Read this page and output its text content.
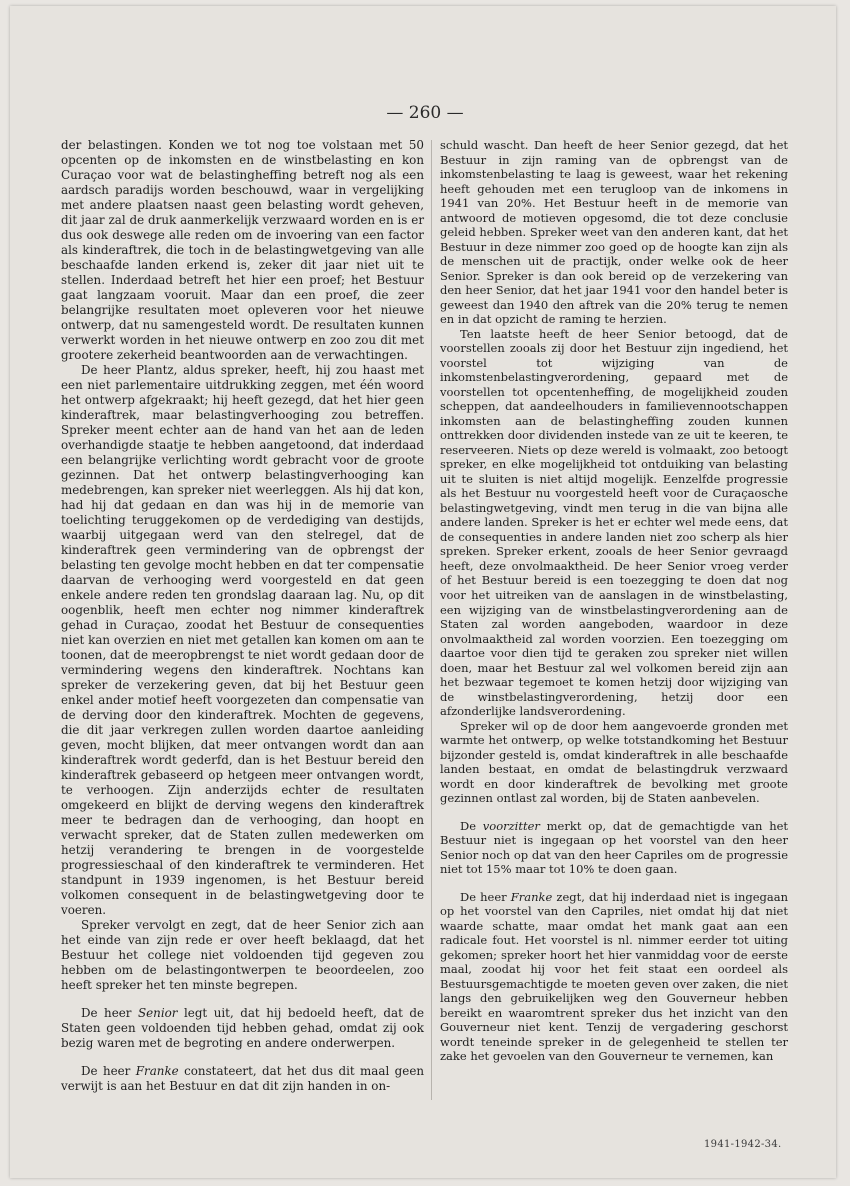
— 260 —

der belastingen. Konden we tot nog toe volstaan met 50 opcenten op de inkomsten en de winstbelasting en kon Curaçao voor wat de belastingheffing betreft nog als een aardsch paradijs worden beschouwd, waar in vergelijking met andere plaatsen naast geen belasting wordt geheven, dit jaar zal de druk aanmerkelijk verzwaard worden en is er dus ook deswege alle reden om de invoering van een factor als kinderaftrek, die toch in de belastingwetgeving van alle beschaafde landen erkend is, zeker dit jaar niet uit te stellen. Inderdaad betreft het hier een proef; het Bestuur gaat langzaam vooruit. Maar dan een proef, die zeer belangrijke resultaten moet opleveren voor het nieuwe ontwerp, dat nu samengesteld wordt. De resultaten kunnen verwerkt worden in het nieuwe ontwerp en zoo zou dit met grootere zekerheid beantwoorden aan de verwachtingen.

De heer Plantz, aldus spreker, heeft, hij zou haast met een niet parlementaire uitdrukking zeggen, met één woord het ontwerp afgekraakt; hij heeft gezegd, dat het hier geen kinderaftrek, maar belastingverhooging zou betreffen. Spreker meent echter aan de hand van het aan de leden overhandigde staatje te hebben aangetoond, dat inderdaad een belangrijke verlichting wordt gebracht voor de groote gezinnen. Dat het ontwerp belastingverhooging kan medebrengen, kan spreker niet weerleggen. Als hij dat kon, had hij dat gedaan en dan was hij in de memorie van toelichting teruggekomen op de verdediging van destijds, waarbij uitgegaan werd van den stelregel, dat de kinderaftrek geen vermindering van de opbrengst der belasting ten gevolge mocht hebben en dat ter compensatie daarvan de verhooging werd voorgesteld en dat geen enkele andere reden ten grondslag daaraan lag. Nu, op dit oogenblik, heeft men echter nog nimmer kinderaftrek gehad in Curaçao, zoodat het Bestuur de consequenties niet kan overzien en niet met getallen kan komen om aan te toonen, dat de meeropbrengst te niet wordt gedaan door de vermindering wegens den kinderaftrek. Nochtans kan spreker de verzekering geven, dat bij het Bestuur geen enkel ander motief heeft voorgezeten dan compensatie van de derving door den kinderaftrek. Mochten de gegevens, die dit jaar verkregen zullen worden daartoe aanleiding geven, mocht blijken, dat meer ontvangen wordt dan aan kinderaftrek wordt gederfd, dan is het Bestuur bereid den kinderaftrek gebaseerd op hetgeen meer ontvangen wordt, te verhoogen. Zijn anderzijds echter de resultaten omgekeerd en blijkt de derving wegens den kinderaftrek meer te bedragen dan de verhooging, dan hoopt en verwacht spreker, dat de Staten zullen medewerken om hetzij verandering te brengen in de voorgestelde progressieschaal of den kinderaftrek te verminderen. Het standpunt in 1939 ingenomen, is het Bestuur bereid volkomen consequent in de belastingwetgeving door te voeren.

Spreker vervolgt en zegt, dat de heer Senior zich aan het einde van zijn rede er over heeft beklaagd, dat het Bestuur het college niet voldoenden tijd gegeven zou hebben om de belastingontwerpen te beoordeelen, zoo heeft spreker het ten minste begrepen.

De heer Senior legt uit, dat hij bedoeld heeft, dat de Staten geen voldoenden tijd hebben gehad, omdat zij ook bezig waren met de begroting en andere onderwerpen.

De heer Franke constateert, dat het dus dit maal geen verwijt is aan het Bestuur en dat dit zijn handen in on-

schuld wascht. Dan heeft de heer Senior gezegd, dat het Bestuur in zijn raming van de opbrengst van de inkomstenbelasting te laag is geweest, waar het rekening heeft gehouden met een terugloop van de inkomens in 1941 van 20%. Het Bestuur heeft in de memorie van antwoord de motieven opgesomd, die tot deze conclusie geleid hebben. Spreker weet van den anderen kant, dat het Bestuur in deze nimmer zoo goed op de hoogte kan zijn als de menschen uit de practijk, onder welke ook de heer Senior. Spreker is dan ook bereid op de verzekering van den heer Senior, dat het jaar 1941 voor den handel beter is geweest dan 1940 den aftrek van die 20% terug te nemen en in dat opzicht de raming te herzien.

Ten laatste heeft de heer Senior betoogd, dat de voorstellen zooals zij door het Bestuur zijn ingediend, het voorstel tot wijziging van de inkomstenbelastingverordening, gepaard met de voorstellen tot opcentenheffing, de mogelijkheid zouden scheppen, dat aandeelhouders in familievennootschappen inkomsten aan de belastingheffing zouden kunnen onttrekken door dividenden instede van ze uit te keeren, te reserveeren. Niets op deze wereld is volmaakt, zoo betoogt spreker, en elke mogelijkheid tot ontduiking van belasting uit te sluiten is niet altijd mogelijk. Eenzelfde progressie als het Bestuur nu voorgesteld heeft voor de Curaçaosche belastingwetgeving, vindt men terug in die van bijna alle andere landen. Spreker is het er echter wel mede eens, dat de consequenties in andere landen niet zoo scherp als hier spreken. Spreker erkent, zooals de heer Senior gevraagd heeft, deze onvolmaaktheid. De heer Senior vroeg verder of het Bestuur bereid is een toezegging te doen dat nog voor het uitreiken van de aanslagen in de winstbelasting, een wijziging van de winstbelastingverordening aan de Staten zal worden aangeboden, waardoor in deze onvolmaaktheid zal worden voorzien. Een toezegging om daartoe voor dien tijd te geraken zou spreker niet willen doen, maar het Bestuur zal wel volkomen bereid zijn aan het bezwaar tegemoet te komen hetzij door wijziging van de winstbelastingverordening, hetzij door een afzonderlijke landsverordening.

Spreker wil op de door hem aangevoerde gronden met warmte het ontwerp, op welke totstandkoming het Bestuur bijzonder gesteld is, omdat kinderaftrek in alle beschaafde landen bestaat, en omdat de belastingdruk verzwaard wordt en door kinderaftrek de bevolking met groote gezinnen ontlast zal worden, bij de Staten aanbevelen.

De voorzitter merkt op, dat de gemachtigde van het Bestuur niet is ingegaan op het voorstel van den heer Senior noch op dat van den heer Capriles om de progressie niet tot 15% maar tot 10% te doen gaan.

De heer Franke zegt, dat hij inderdaad niet is ingegaan op het voorstel van den Capriles, niet omdat hij dat niet waarde schatte, maar omdat het mank gaat aan een radicale fout. Het voorstel is nl. nimmer eerder tot uiting gekomen; spreker hoort het hier vanmiddag voor de eerste maal, zoodat hij voor het feit staat een oordeel als Bestuursgemachtigde te moeten geven over zaken, die niet langs den gebruikelijken weg den Gouverneur hebben bereikt en waaromtrent spreker dus het inzicht van den Gouverneur niet kent. Tenzij de vergadering geschorst wordt teneinde spreker in de gelegenheid te stellen ter zake het gevoelen van den Gouverneur te vernemen, kan

1941-1942-34.
